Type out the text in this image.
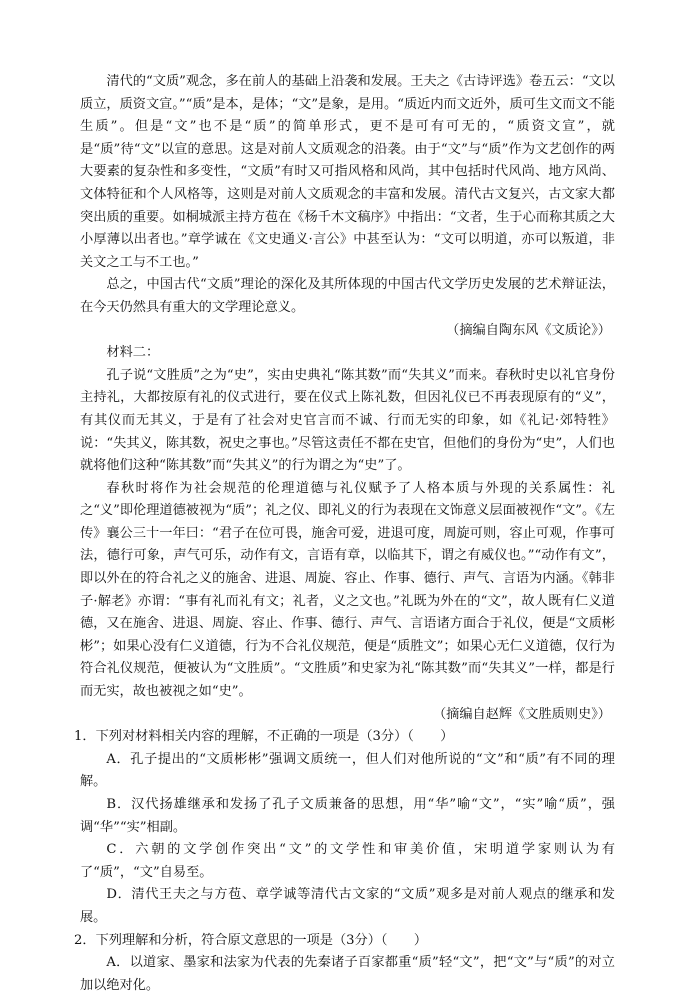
清代的“文质”观念，多在前人的基础上沿袭和发展。王夫之《古诗评选》卷五云：“文以质立，质资文宣。”“质”是本，是体；“文”是象，是用。“质近内而文近外，质可生文而文不能生质”。但是“文”也不是“质”的简单形式，更不是可有可无的，“质资文宣”，就是“质”待“文”以宣的意思。这是对前人文质观念的沿袭。由于“文”与“质”作为文艺创作的两大要素的复杂性和多变性，“文质”有时又可指风格和风尚，其中包括时代风尚、地方风尚、文体特征和个人风格等，这则是对前人文质观念的丰富和发展。清代古文复兴，古文家大都突出质的重要。如桐城派主持方苞在《杨千木文稿序》中指出：“文者，生于心而称其质之大小厚薄以出者也。”章学诚在《文史通义·言公》中甚至认为：“文可以明道，亦可以叛道，非关文之工与不工也。”

总之，中国古代“文质”理论的深化及其所体现的中国古代文学历史发展的艺术辩证法，在今天仍然具有重大的文学理论意义。

（摘编自陶东风《文质论》）

材料二：

孔子说“文胜质”之为“史”，实由史典礼“陈其数”而“失其义”而来。春秋时史以礼官身份主持礼，大都按原有礼的仪式进行，要在仪式上陈礼数，但因礼仪已不再表现原有的“义”，有其仪而无其义，于是有了社会对史官言而不诚、行而无实的印象，如《礼记·郊特牲》说：“失其义，陈其数，祝史之事也。”尽管这责任不都在史官，但他们的身份为“史”，人们也就将他们这种“陈其数”而“失其义”的行为谓之为“史”了。

春秋时将作为社会规范的伦理道德与礼仪赋予了人格本质与外现的关系属性：礼之“义”即伦理道德被视为“质”；礼之仪、即礼义的行为表现在文饰意义层面被视作“文”。《左传》襄公三十一年曰：“君子在位可畏，施舍可爱，进退可度，周旋可则，容止可观，作事可法，德行可象，声气可乐，动作有文，言语有章，以临其下，谓之有威仪也。”“动作有文”，即以外在的符合礼之义的施舍、进退、周旋、容止、作事、德行、声气、言语为内涵。《韩非子·解老》亦谓：“事有礼而礼有文；礼者，义之文也。”礼既为外在的“文”，故人既有仁义道德，又在施舍、进退、周旋、容止、作事、德行、声气、言语诸方面合于礼仪，便是“文质彬彬”；如果心没有仁义道德，行为不合礼仪规范，便是“质胜文”；如果心无仁义道德，仅行为符合礼仪规范，便被认为“文胜质”。“文胜质”和史家为礼“陈其数”而“失其义”一样，都是行而无实，故也被视之如“史”。

（摘编自赵辉《文胜质则史》）

1．下列对材料相关内容的理解，不正确的一项是（3分）（　　）

A．孔子提出的“文质彬彬”强调文质统一，但人们对他所说的“文”和“质”有不同的理解。

B．汉代扬雄继承和发扬了孔子文质兼备的思想，用“华”喻“文”，“实”喻“质”，强调“华”“实”相副。

C．六朝的文学创作突出“文”的文学性和审美价值，宋明道学家则认为有了“质”，“文”自易至。

D．清代王夫之与方苞、章学诚等清代古文家的“文质”观多是对前人观点的继承和发展。

2．下列理解和分析，符合原文意思的一项是（3分）（　　）

A．以道家、墨家和法家为代表的先秦诸子百家都重“质”轻“文”，把“文”与“质”的对立加以绝对化。
